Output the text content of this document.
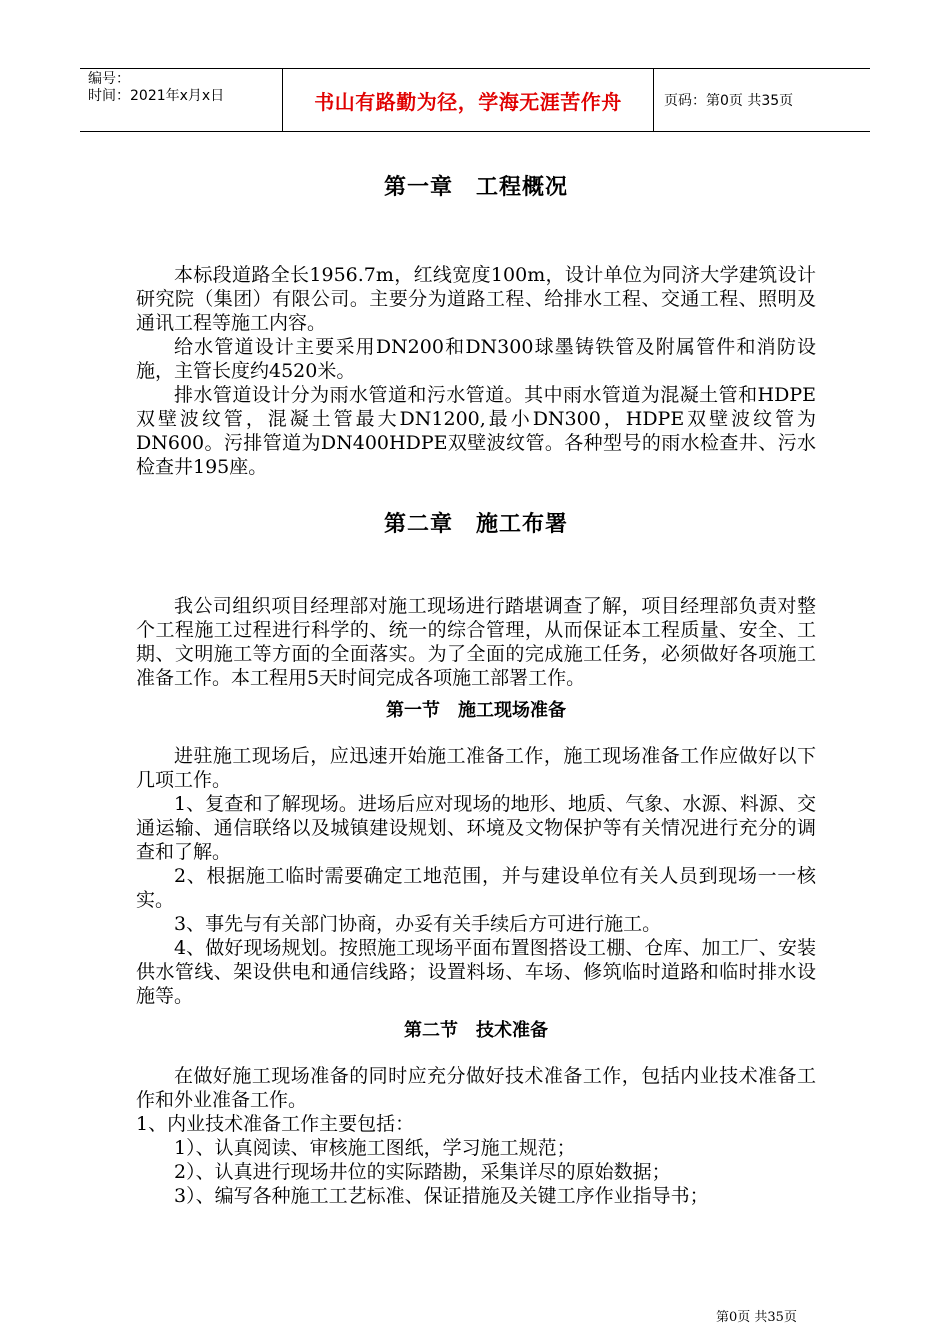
编号：
时间：2021年x月x日	书山有路勤为径，学海无涯苦作舟	页码：第0页 共35页
第一章　工程概况

本标段道路全长1956.7m，红线宽度100m，设计单位为同济大学建筑设计研究院（集团）有限公司。主要分为道路工程、给排水工程、交通工程、照明及通讯工程等施工内容。

给水管道设计主要采用DN200和DN300球墨铸铁管及附属管件和消防设施，主管长度约4520米。

排水管道设计分为雨水管道和污水管道。其中雨水管道为混凝土管和HDPE双壁波纹管，混凝土管最大DN1200,最小DN300，HDPE双壁波纹管为DN600。污排管道为DN400HDPE双壁波纹管。各种型号的雨水检查井、污水检查井195座。

第二章　施工布署

我公司组织项目经理部对施工现场进行踏堪调查了解，项目经理部负责对整个工程施工过程进行科学的、统一的综合管理，从而保证本工程质量、安全、工期、文明施工等方面的全面落实。为了全面的完成施工任务，必须做好各项施工准备工作。本工程用5天时间完成各项施工部署工作。

第一节　施工现场准备

进驻施工现场后，应迅速开始施工准备工作，施工现场准备工作应做好以下几项工作。

1、复查和了解现场。进场后应对现场的地形、地质、气象、水源、料源、交通运输、通信联络以及城镇建设规划、环境及文物保护等有关情况进行充分的调查和了解。

2、根据施工临时需要确定工地范围，并与建设单位有关人员到现场一一核实。

3、事先与有关部门协商，办妥有关手续后方可进行施工。

4、做好现场规划。按照施工现场平面布置图搭设工棚、仓库、加工厂、安装供水管线、架设供电和通信线路；设置料场、车场、修筑临时道路和临时排水设施等。

第二节　技术准备

在做好施工现场准备的同时应充分做好技术准备工作，包括内业技术准备工作和外业准备工作。

1、内业技术准备工作主要包括：

1）、认真阅读、审核施工图纸，学习施工规范；

2）、认真进行现场井位的实际踏勘，采集详尽的原始数据；

3）、编写各种施工工艺标准、保证措施及关键工序作业指导书；

第0页 共35页
